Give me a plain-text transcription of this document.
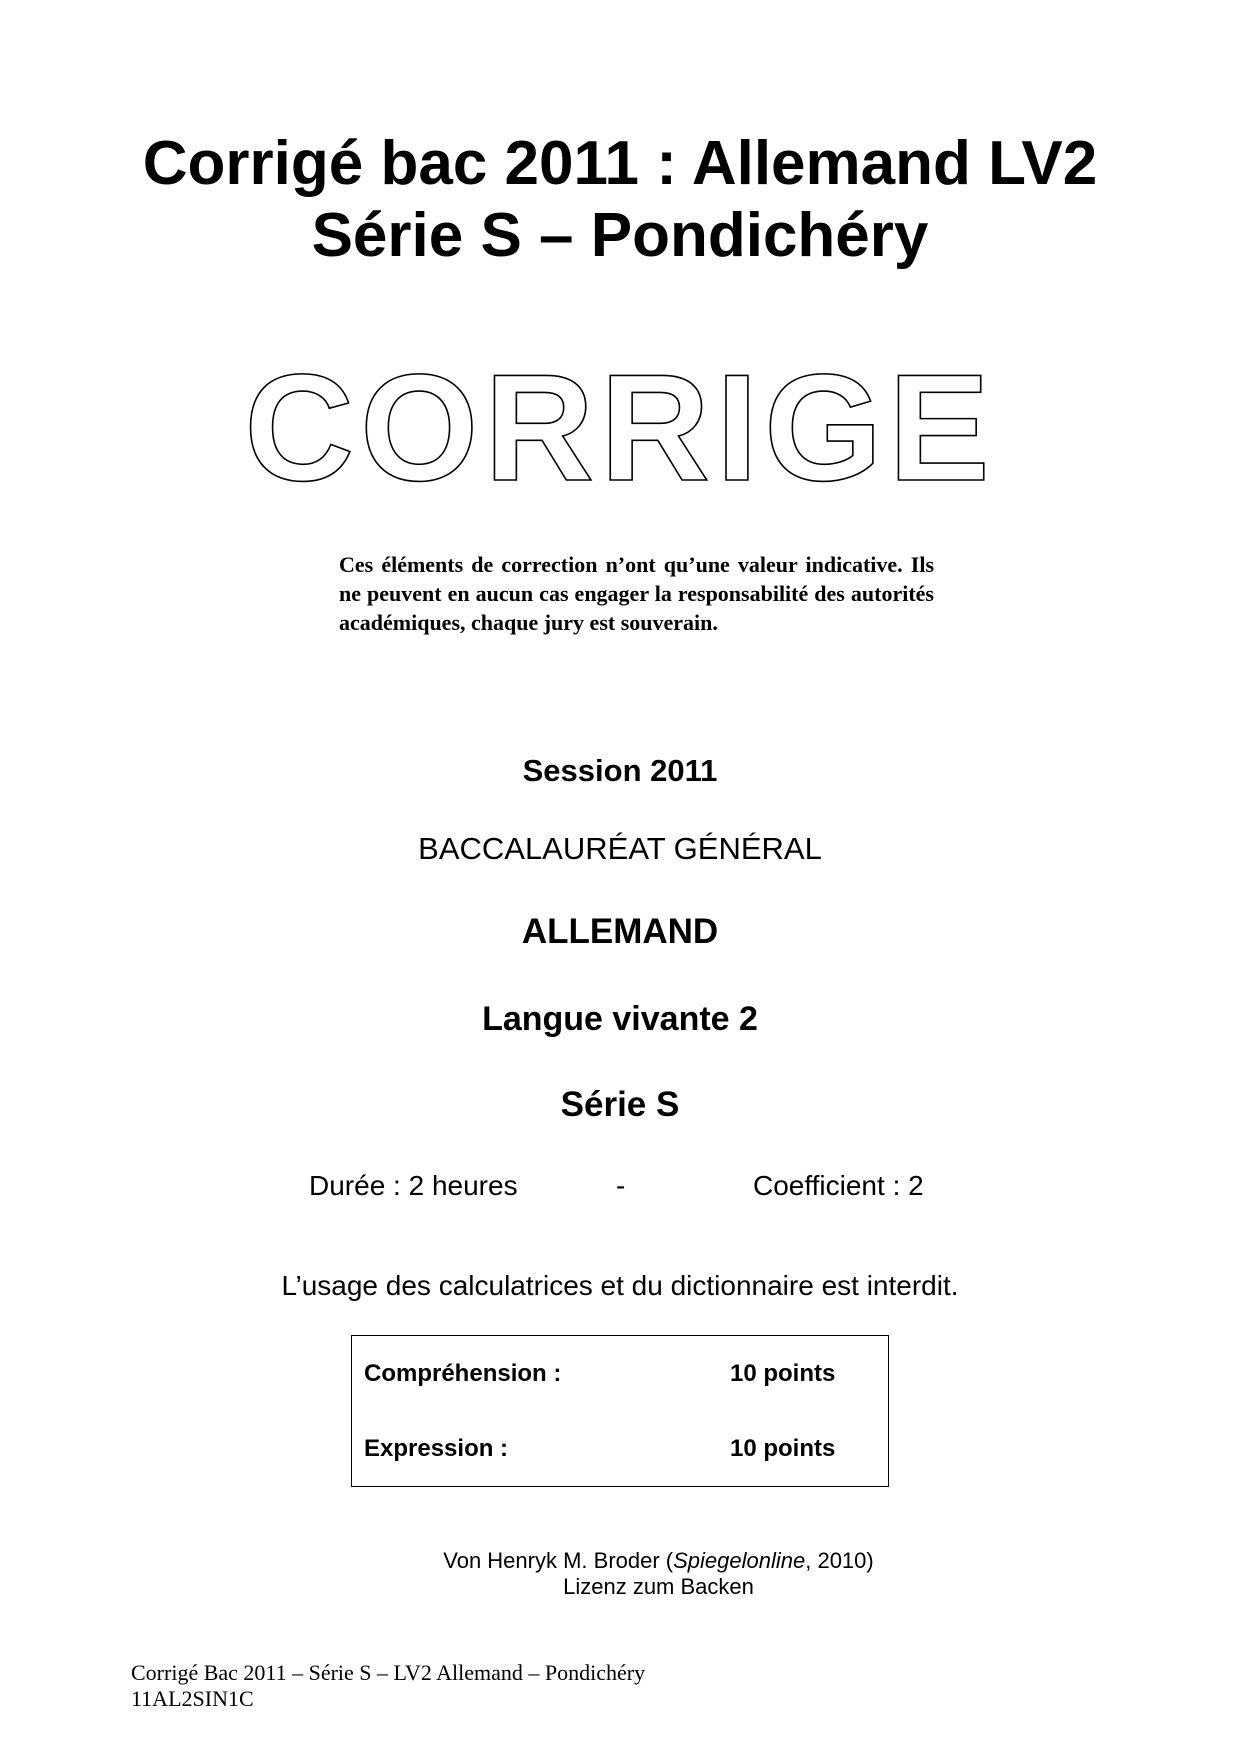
Corrigé bac 2011 : Allemand LV2
Série S – Pondichéry
CORRIGE

Ces éléments de correction n’ont qu’une valeur indicative. Ils ne peuvent en aucun cas engager la responsabilité des autorités académiques, chaque jury est souverain.

Session 2011
BACCALAURÉAT GÉNÉRAL
ALLEMAND
Langue vivante 2
Série S
Durée : 2 heures	-	Coefficient : 2
L’usage des calculatrices et du dictionnaire est interdit.
Compréhension :	10 points
Expression :	10 points
Von Henryk M. Broder (Spiegelonline, 2010)
Lizenz zum Backen
Corrigé Bac 2011 – Série S – LV2 Allemand – Pondichéry
11AL2SIN1C
